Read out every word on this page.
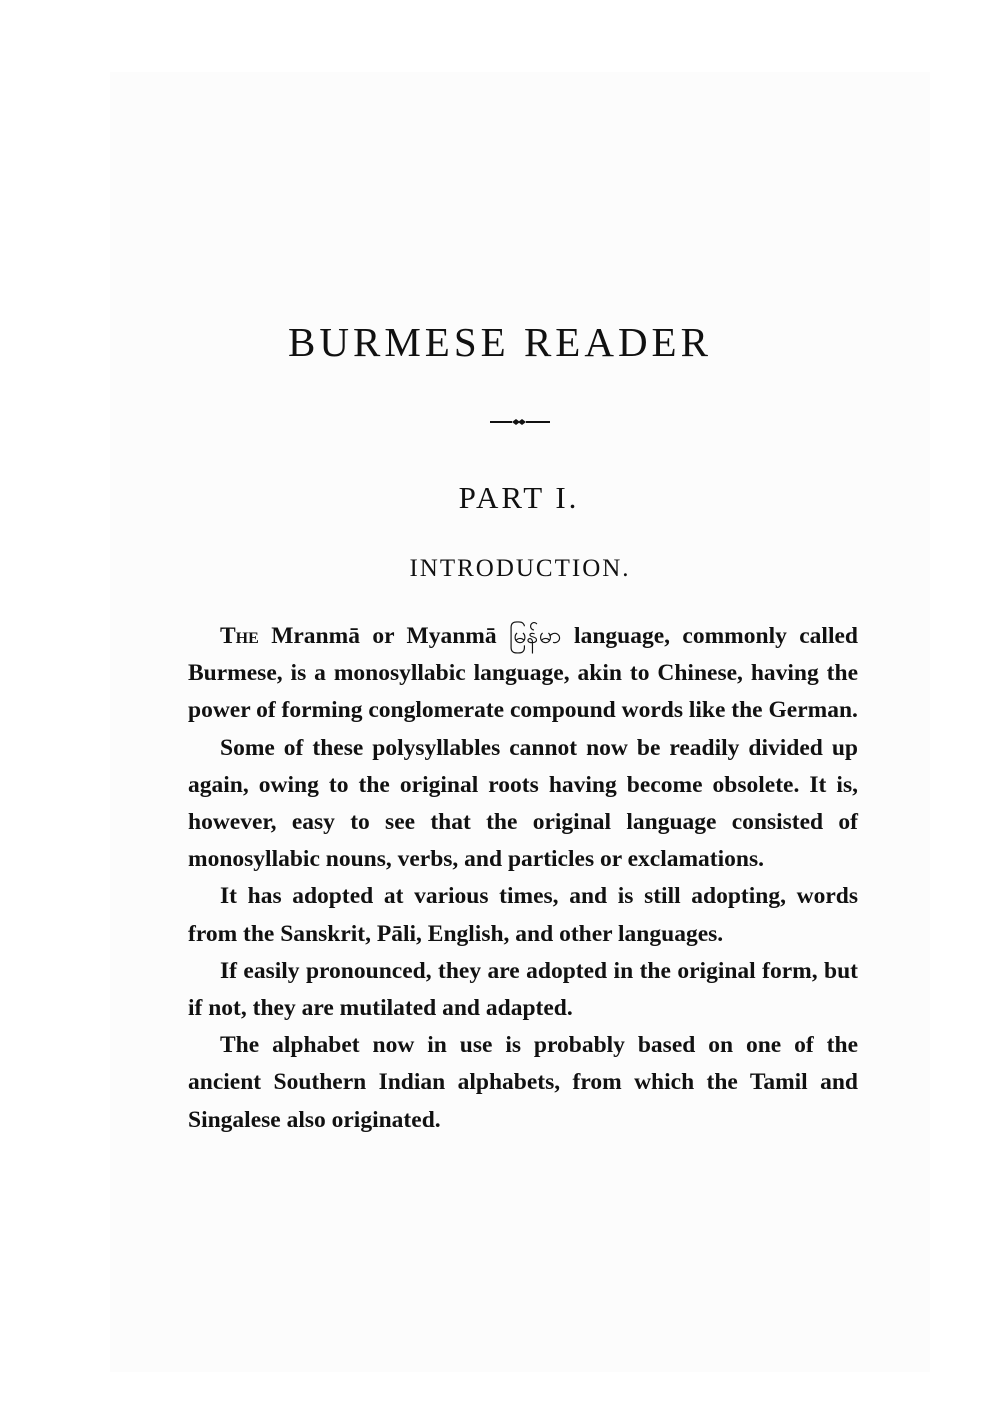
BURMESE READER
PART I.
INTRODUCTION.

The Mranmā or Myanmā မြန်မာ language, commonly called Burmese, is a monosyllabic language, akin to Chinese, having the power of forming conglomerate compound words like the German.

Some of these polysyllables cannot now be readily divided up again, owing to the original roots having become obsolete. It is, however, easy to see that the original language consisted of monosyllabic nouns, verbs, and particles or exclamations.

It has adopted at various times, and is still adopting, words from the Sanskrit, Pāli, English, and other languages.

If easily pronounced, they are adopted in the original form, but if not, they are mutilated and adapted.

The alphabet now in use is probably based on one of the ancient Southern Indian alphabets, from which the Tamil and Singalese also originated.
